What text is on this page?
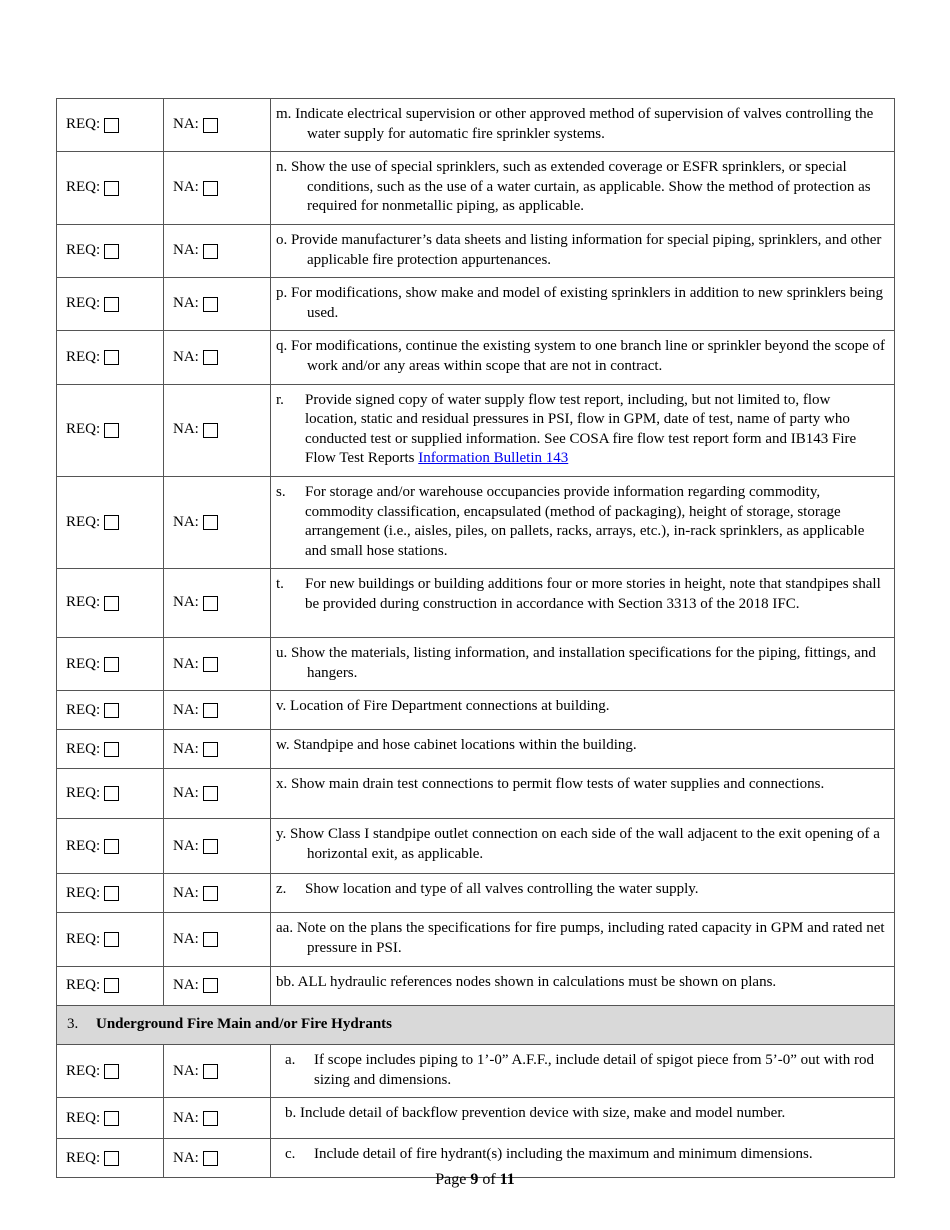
REQ:	NA:	m. Indicate electrical supervision or other approved method of supervision of valves controlling the water supply for automatic fire sprinkler systems.

REQ:	NA:	n. Show the use of special sprinklers, such as extended coverage or ESFR sprinklers, or special conditions, such as the use of a water curtain, as applicable. Show the method of protection as required for nonmetallic piping, as applicable.

REQ:	NA:	o. Provide manufacturer’s data sheets and listing information for special piping, sprinklers, and other applicable fire protection appurtenances.

REQ:	NA:	p. For modifications, show make and model of existing sprinklers in addition to new sprinklers being used.

REQ:	NA:	q. For modifications, continue the existing system to one branch line or sprinkler beyond the scope of work and/or any areas within scope that are not in contract.

REQ:	NA:	r. Provide signed copy of water supply flow test report, including, but not limited to, flow location, static and residual pressures in PSI, flow in GPM, date of test, name of party who conducted test or supplied information. See COSA fire flow test report form and IB143 Fire Flow Test Reports Information Bulletin 143

REQ:	NA:	s. For storage and/or warehouse occupancies provide information regarding commodity, commodity classification, encapsulated (method of packaging), height of storage, storage arrangement (i.e., aisles, piles, on pallets, racks, arrays, etc.), in-rack sprinklers, as applicable and small hose stations.

REQ:	NA:	t. For new buildings or building additions four or more stories in height, note that standpipes shall be provided during construction in accordance with Section 3313 of the 2018 IFC.

REQ:	NA:	u. Show the materials, listing information, and installation specifications for the piping, fittings, and hangers.

REQ:	NA:	v. Location of Fire Department connections at building.

REQ:	NA:	w. Standpipe and hose cabinet locations within the building.

REQ:	NA:	x. Show main drain test connections to permit flow tests of water supplies and connections.

REQ:	NA:	y. Show Class I standpipe outlet connection on each side of the wall adjacent to the exit opening of a horizontal exit, as applicable.

REQ:	NA:	z. Show location and type of all valves controlling the water supply.

REQ:	NA:	aa. Note on the plans the specifications for fire pumps, including rated capacity in GPM and rated net pressure in PSI.

REQ:	NA:	bb. ALL hydraulic references nodes shown in calculations must be shown on plans.

3. Underground Fire Main and/or Fire Hydrants		

REQ:	NA:	a. If scope includes piping to 1’-0” A.F.F., include detail of spigot piece from 5’-0” out with rod sizing and dimensions.

REQ:	NA:	b. Include detail of backflow prevention device with size, make and model number.

REQ:	NA:	c. Include detail of fire hydrant(s) including the maximum and minimum dimensions.
Page 9 of 11
